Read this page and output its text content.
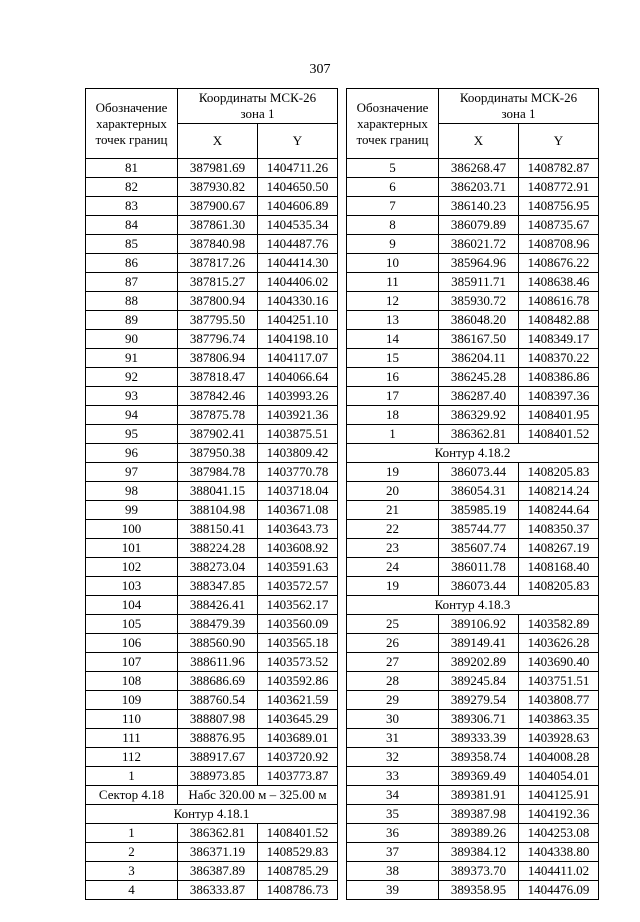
307
Обозначение
характерных
точек границ	Координаты МСК-26
зона 1	
	X	Y
81	387981.69	1404711.26
82	387930.82	1404650.50
83	387900.67	1404606.89
84	387861.30	1404535.34
85	387840.98	1404487.76
86	387817.26	1404414.30
87	387815.27	1404406.02
88	387800.94	1404330.16
89	387795.50	1404251.10
90	387796.74	1404198.10
91	387806.94	1404117.07
92	387818.47	1404066.64
93	387842.46	1403993.26
94	387875.78	1403921.36
95	387902.41	1403875.51
96	387950.38	1403809.42
97	387984.78	1403770.78
98	388041.15	1403718.04
99	388104.98	1403671.08
100	388150.41	1403643.73
101	388224.28	1403608.92
102	388273.04	1403591.63
103	388347.85	1403572.57
104	388426.41	1403562.17
105	388479.39	1403560.09
106	388560.90	1403565.18
107	388611.96	1403573.52
108	388686.69	1403592.86
109	388760.54	1403621.59
110	388807.98	1403645.29
111	388876.95	1403689.01
112	388917.67	1403720.92
1	388973.85	1403773.87
Сектор 4.18	Набс 320.00 м – 325.00 м	
Контур 4.18.1		
1	386362.81	1408401.52
2	386371.19	1408529.83
3	386387.89	1408785.29
4	386333.87	1408786.73
Обозначение
характерных
точек границ	Координаты МСК-26
зона 1	
	X	Y
5	386268.47	1408782.87
6	386203.71	1408772.91
7	386140.23	1408756.95
8	386079.89	1408735.67
9	386021.72	1408708.96
10	385964.96	1408676.22
11	385911.71	1408638.46
12	385930.72	1408616.78
13	386048.20	1408482.88
14	386167.50	1408349.17
15	386204.11	1408370.22
16	386245.28	1408386.86
17	386287.40	1408397.36
18	386329.92	1408401.95
1	386362.81	1408401.52
Контур 4.18.2		
19	386073.44	1408205.83
20	386054.31	1408214.24
21	385985.19	1408244.64
22	385744.77	1408350.37
23	385607.74	1408267.19
24	386011.78	1408168.40
19	386073.44	1408205.83
Контур 4.18.3		
25	389106.92	1403582.89
26	389149.41	1403626.28
27	389202.89	1403690.40
28	389245.84	1403751.51
29	389279.54	1403808.77
30	389306.71	1403863.35
31	389333.39	1403928.63
32	389358.74	1404008.28
33	389369.49	1404054.01
34	389381.91	1404125.91
35	389387.98	1404192.36
36	389389.26	1404253.08
37	389384.12	1404338.80
38	389373.70	1404411.02
39	389358.95	1404476.09
